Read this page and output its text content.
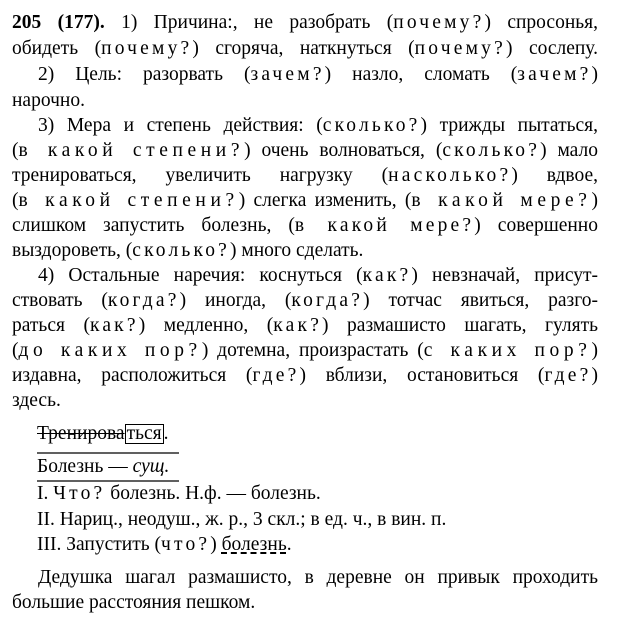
205 (177). 1) Причина:, не разобрать (почему?) спросонья,
обидеть (почему?) сгоряча, наткнуться (почему?) сослепу.
2) Цель: разорвать (зачем?) назло, сломать (зачем?)
нарочно.
3) Мера и степень действия: (сколько?) трижды пытаться,
(в какой степени?) очень волноваться, (сколько?) мало
тренироваться, увеличить нагрузку (насколько?) вдвое,
(в какой степени?) слегка изменить, (в какой мере?)
слишком запустить болезнь, (в какой мере?) совершенно
выздороветь, (сколько?) много сделать.
4) Остальные наречия: коснуться (как?) невзначай, присут-
ствовать (когда?) иногда, (когда?) тотчас явиться, разго-
раться (как?) медленно, (как?) размашисто шагать, гулять
(до каких пор?) дотемна, произрастать (с каких пор?)
издавна, расположиться (где?) вблизи, остановиться (где?)
здесь.
Тренирова ться .
Болезнь — сущ.
I. Что? болезнь. Н.ф. — болезнь.
II. Нариц., неодуш., ж. р., 3 скл.; в ед. ч., в вин. п.
III. Запустить (что?) болезнь.
Дедушка шагал размашисто, в деревне он привык проходить
большие расстояния пешком.
